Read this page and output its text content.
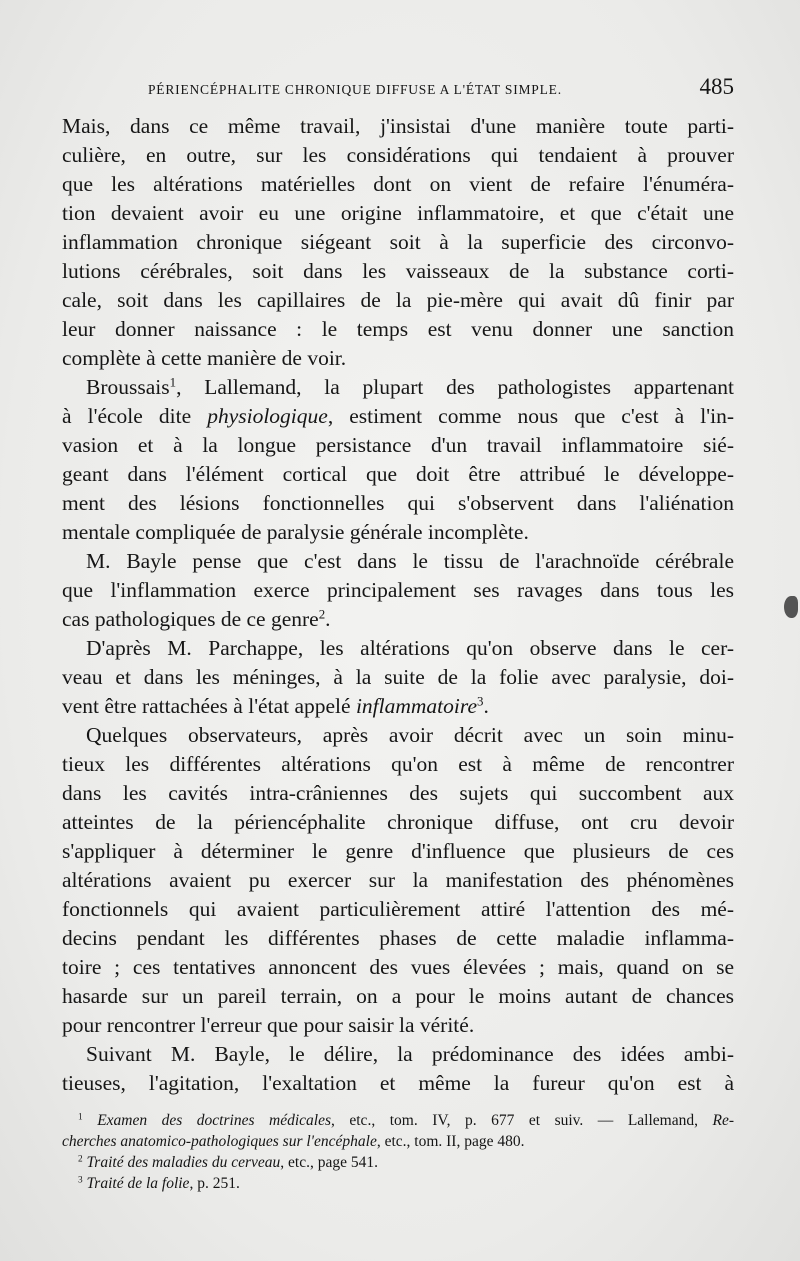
PÉRIENCÉPHALITE CHRONIQUE DIFFUSE A L'ÉTAT SIMPLE.	485
Mais, dans ce même travail, j'insistai d'une manière toute parti-
culière, en outre, sur les considérations qui tendaient à prouver
que les altérations matérielles dont on vient de refaire l'énuméra-
tion devaient avoir eu une origine inflammatoire, et que c'était une
inflammation chronique siégeant soit à la superficie des circonvo-
lutions cérébrales, soit dans les vaisseaux de la substance corti-
cale, soit dans les capillaires de la pie-mère qui avait dû finir par
leur donner naissance : le temps est venu donner une sanction
complète à cette manière de voir.
Broussais$^1$, Lallemand, la plupart des pathologistes appartenant
à l'école dite physiologique, estiment comme nous que c'est à l'in-
vasion et à la longue persistance d'un travail inflammatoire sié-
geant dans l'élément cortical que doit être attribué le développe-
ment des lésions fonctionnelles qui s'observent dans l'aliénation
mentale compliquée de paralysie générale incomplète.
M. Bayle pense que c'est dans le tissu de l'arachnoïde cérébrale
que l'inflammation exerce principalement ses ravages dans tous les
cas pathologiques de ce genre$^2$.
D'après M. Parchappe, les altérations qu'on observe dans le cer-
veau et dans les méninges, à la suite de la folie avec paralysie, doi-
vent être rattachées à l'état appelé inflammatoire$^3$.
Quelques observateurs, après avoir décrit avec un soin minu-
tieux les différentes altérations qu'on est à même de rencontrer
dans les cavités intra-crâniennes des sujets qui succombent aux
atteintes de la périencéphalite chronique diffuse, ont cru devoir
s'appliquer à déterminer le genre d'influence que plusieurs de ces
altérations avaient pu exercer sur la manifestation des phénomènes
fonctionnels qui avaient particulièrement attiré l'attention des mé-
decins pendant les différentes phases de cette maladie inflamma-
toire ; ces tentatives annoncent des vues élevées ; mais, quand on se
hasarde sur un pareil terrain, on a pour le moins autant de chances
pour rencontrer l'erreur que pour saisir la vérité.
Suivant M. Bayle, le délire, la prédominance des idées ambi-
tieuses, l'agitation, l'exaltation et même la fureur qu'on est à
$^1$ Examen des doctrines médicales, etc., tom. IV, p. 677 et suiv. — Lallemand, Re-
cherches anatomico-pathologiques sur l'encéphale, etc., tom. II, page 480.
$^2$ Traité des maladies du cerveau, etc., page 541.
$^3$ Traité de la folie, p. 251.
